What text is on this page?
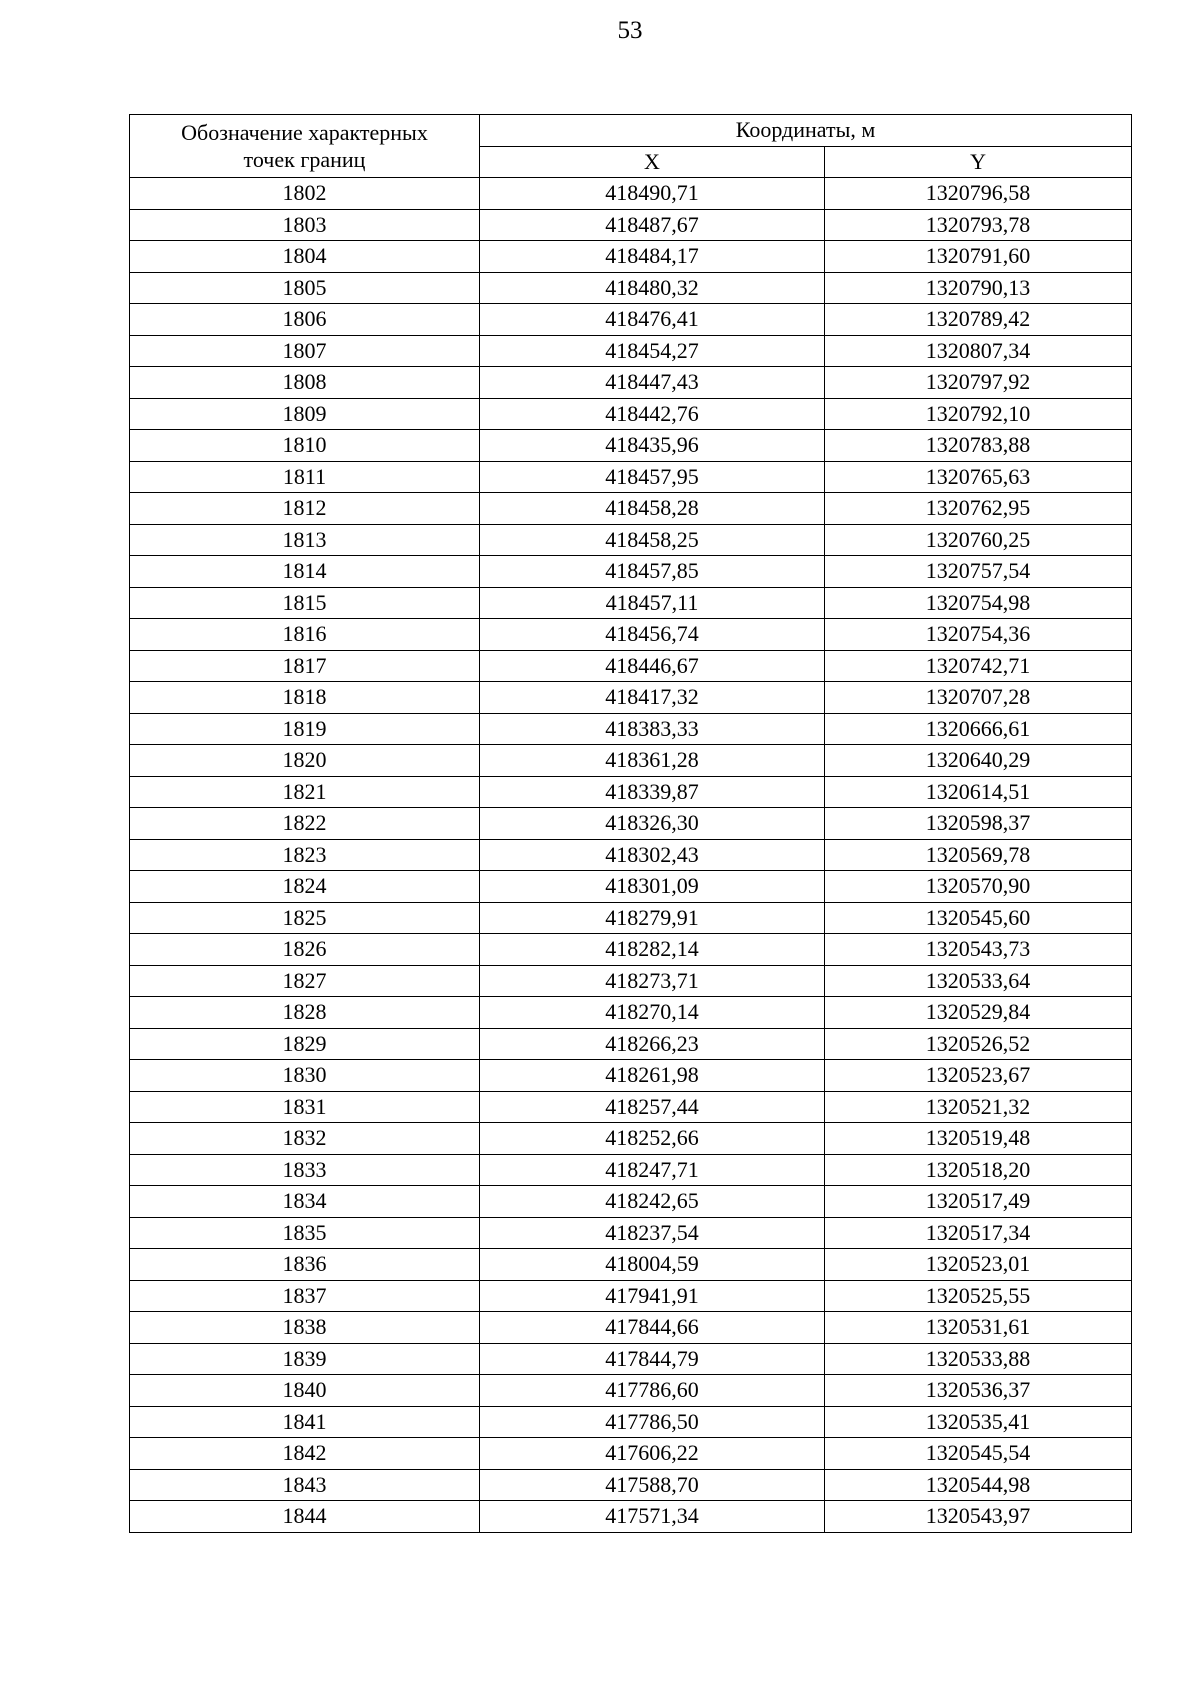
53
Обозначение характерных
точек границ	Координаты, м	
	X	Y
1802	418490,71	1320796,58
1803	418487,67	1320793,78
1804	418484,17	1320791,60
1805	418480,32	1320790,13
1806	418476,41	1320789,42
1807	418454,27	1320807,34
1808	418447,43	1320797,92
1809	418442,76	1320792,10
1810	418435,96	1320783,88
1811	418457,95	1320765,63
1812	418458,28	1320762,95
1813	418458,25	1320760,25
1814	418457,85	1320757,54
1815	418457,11	1320754,98
1816	418456,74	1320754,36
1817	418446,67	1320742,71
1818	418417,32	1320707,28
1819	418383,33	1320666,61
1820	418361,28	1320640,29
1821	418339,87	1320614,51
1822	418326,30	1320598,37
1823	418302,43	1320569,78
1824	418301,09	1320570,90
1825	418279,91	1320545,60
1826	418282,14	1320543,73
1827	418273,71	1320533,64
1828	418270,14	1320529,84
1829	418266,23	1320526,52
1830	418261,98	1320523,67
1831	418257,44	1320521,32
1832	418252,66	1320519,48
1833	418247,71	1320518,20
1834	418242,65	1320517,49
1835	418237,54	1320517,34
1836	418004,59	1320523,01
1837	417941,91	1320525,55
1838	417844,66	1320531,61
1839	417844,79	1320533,88
1840	417786,60	1320536,37
1841	417786,50	1320535,41
1842	417606,22	1320545,54
1843	417588,70	1320544,98
1844	417571,34	1320543,97
